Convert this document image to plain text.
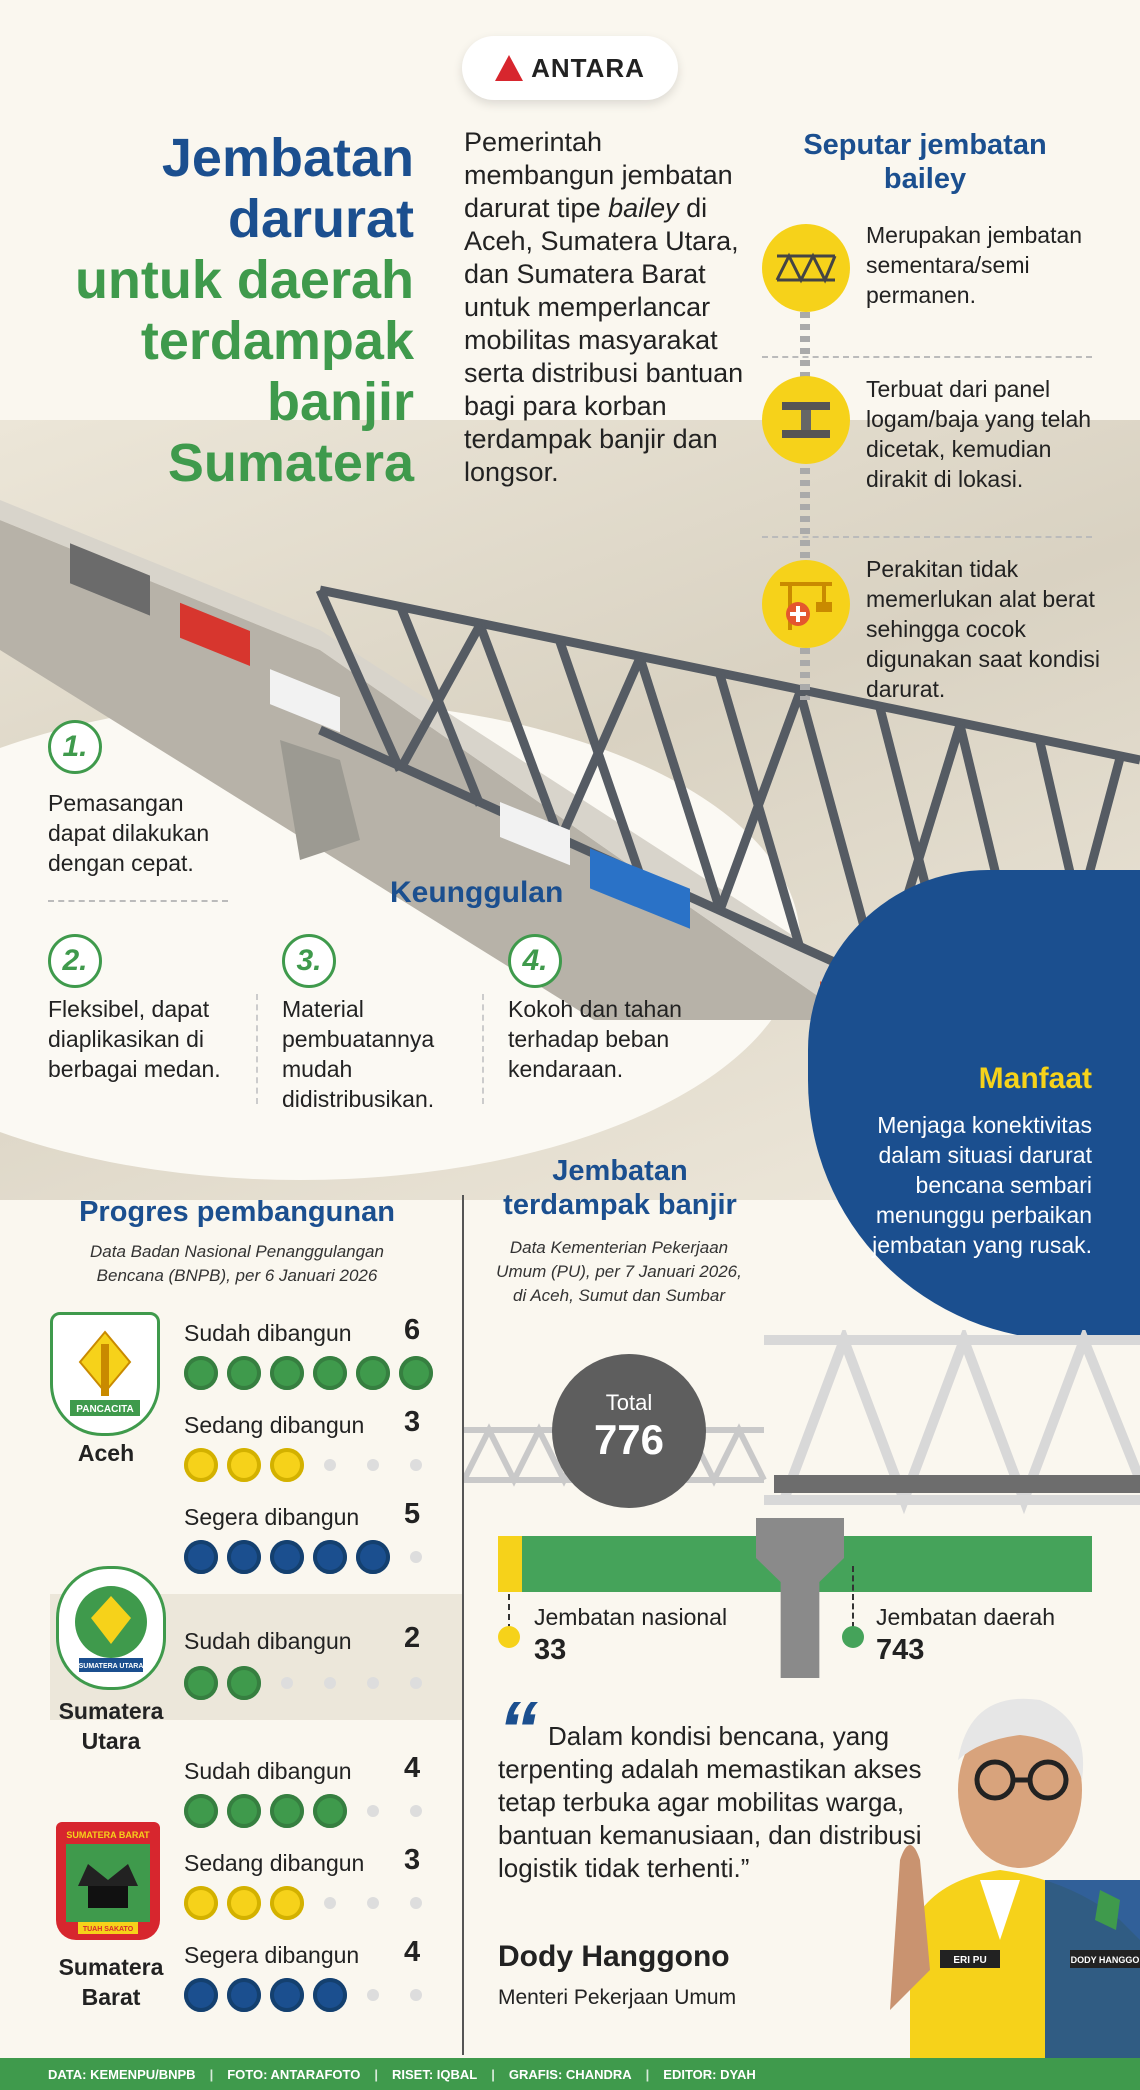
ANTARA
Jembatan
darurat
untuk daerah
terdampak
banjir
Sumatera
Pemerintah membangun jembatan darurat tipe bailey di Aceh, Sumatera Utara, dan Sumatera Barat untuk memperlancar mobilitas masyarakat serta distribusi bantuan bagi para korban terdampak banjir dan longsor.
Seputar jembatan bailey
Merupakan jembatan sementara/semi permanen.
Terbuat dari panel logam/baja yang telah dicetak, kemudian dirakit di lokasi.
Perakitan tidak memerlukan alat berat sehingga cocok digunakan saat kondisi darurat.
1.
Pemasangan dapat dilakukan dengan cepat.
Keunggulan
2.
Fleksibel, dapat diaplikasikan di berbagai medan.
3.
Material pembuatannya mudah didistribusikan.
4.
Kokoh dan tahan terhadap beban kendaraan.	Manfaat
Menjaga konektivitas dalam situasi darurat bencana sembari menunggu perbaikan jembatan yang rusak.
Progres pembangunan
Data Badan Nasional Penanggulangan Bencana (BNPB), per 6 Januari 2026
PANCACITA
Aceh
Sudah dibangun 6
Sedang dibangun 3
Segera dibangun 5
SUMATERA UTARA
Sumatera Utara
Sudah dibangun 2
SUMATERA BARAT
TUAH SAKATO
Sumatera Barat
Sudah dibangun 4
Sedang dibangun 3
Segera dibangun 4
Jembatan terdampak banjir
Data Kementerian Pekerjaan Umum (PU), per 7 Januari 2026, di Aceh, Sumut dan Sumbar
Total
776
Jembatan nasional
33
Jembatan daerah
743
“ Dalam kondisi bencana, yang terpenting adalah memastikan akses tetap terbuka agar mobilitas warga, bantuan kemanusiaan, dan distribusi logistik tidak terhenti.”
Dody Hanggono
Menteri Pekerjaan Umum
ERI PU	DODY HANGGO
DATA: KEMENPU/BNPB | FOTO: ANTARAFOTO | RISET: IQBAL | GRAFIS: CHANDRA | EDITOR: DYAH
